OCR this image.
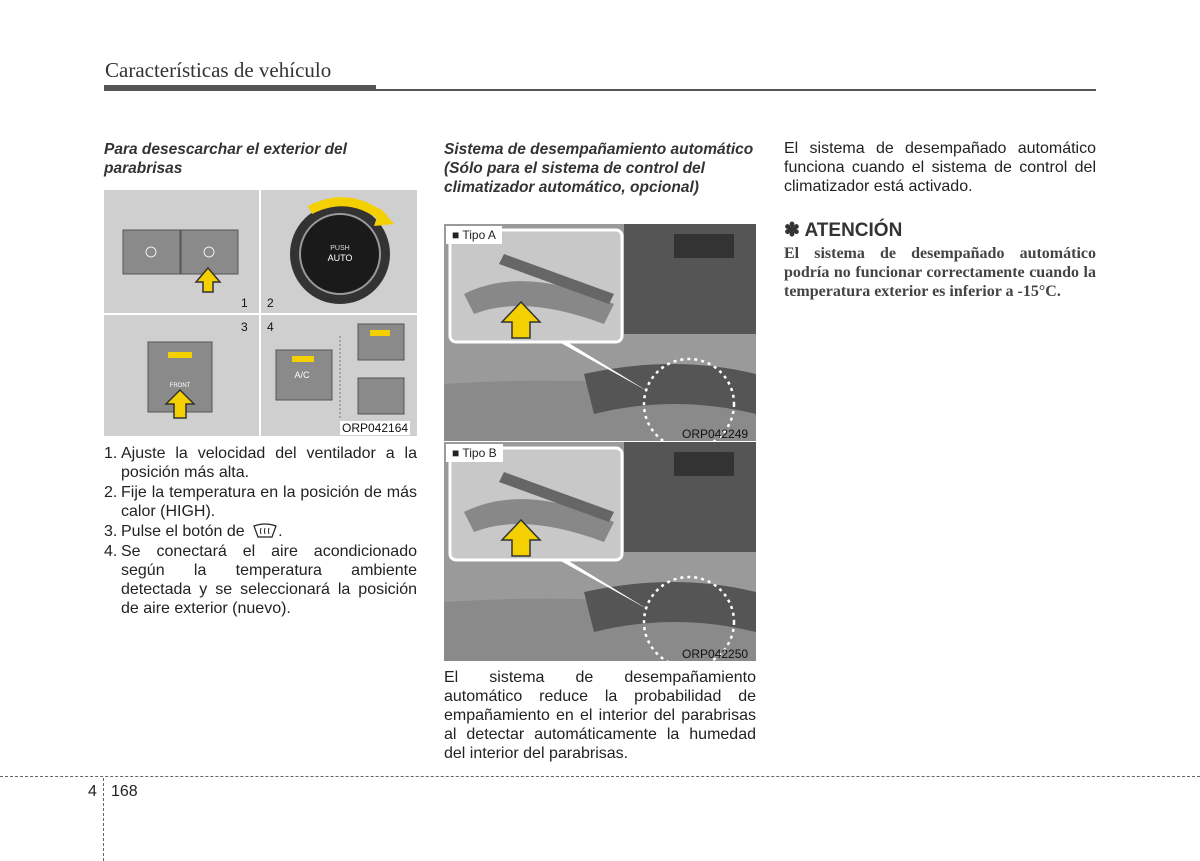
Características de vehículo
Para desescarchar el exterior del parabrisas
PUSH
AUTO
FRONT
A/C
1 2
3 4
ORP042164
1. Ajuste la velocidad del ventilador a la posición más alta.
2. Fije la temperatura en la posición de más calor (HIGH).
3. Pulse el botón de .
4. Se conectará el aire acondicionado según la temperatura ambiente detectada y se seleccionará la posición de aire exterior (nuevo).
Sistema de desempañamiento automático (Sólo para el sistema de control del climatizador automático, opcional)
■ Tipo A
ORP042249
■ Tipo B
ORP042250
El sistema de desempañamiento automático reduce la probabilidad de empañamiento en el interior del parabrisas al detectar automáticamente la humedad del interior del parabrisas.
El sistema de desempañado automático funciona cuando el sistema de control del climatizador está activado.
✽ ATENCIÓN
El sistema de desempañado automático podría no funcionar correctamente cuando la temperatura exterior es inferior a -15°C.
4 168
